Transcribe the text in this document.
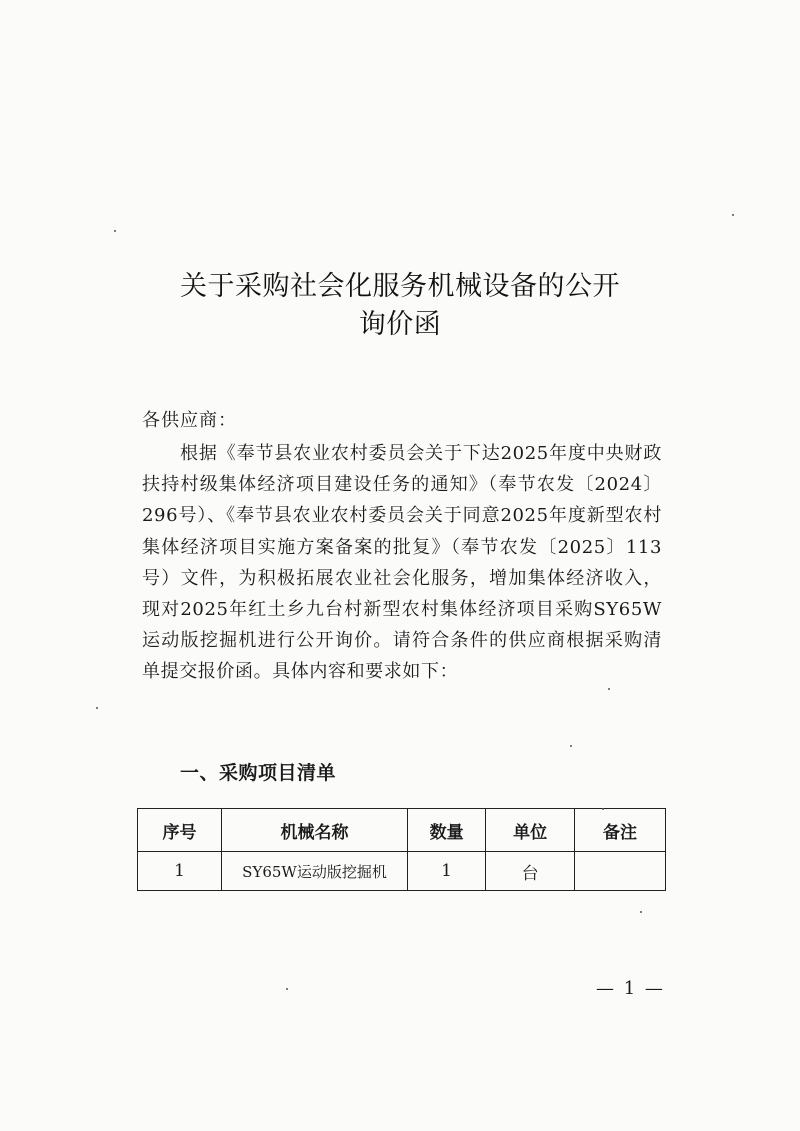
关于采购社会化服务机械设备的公开
询价函
各供应商：

根据《奉节县农业农村委员会关于下达2025年度中央财政扶持村级集体经济项目建设任务的通知》（奉节农发〔2024〕296号）、《奉节县农业农村委员会关于同意2025年度新型农村集体经济项目实施方案备案的批复》（奉节农发〔2025〕113号）文件，为积极拓展农业社会化服务，增加集体经济收入，现对2025年红土乡九台村新型农村集体经济项目采购SY65W运动版挖掘机进行公开询价。请符合条件的供应商根据采购清单提交报价函。具体内容和要求如下：

一、采购项目清单
序号	机械名称	数量	单位	备注
1	SY65W运动版挖掘机	1	台	
— 1 —
